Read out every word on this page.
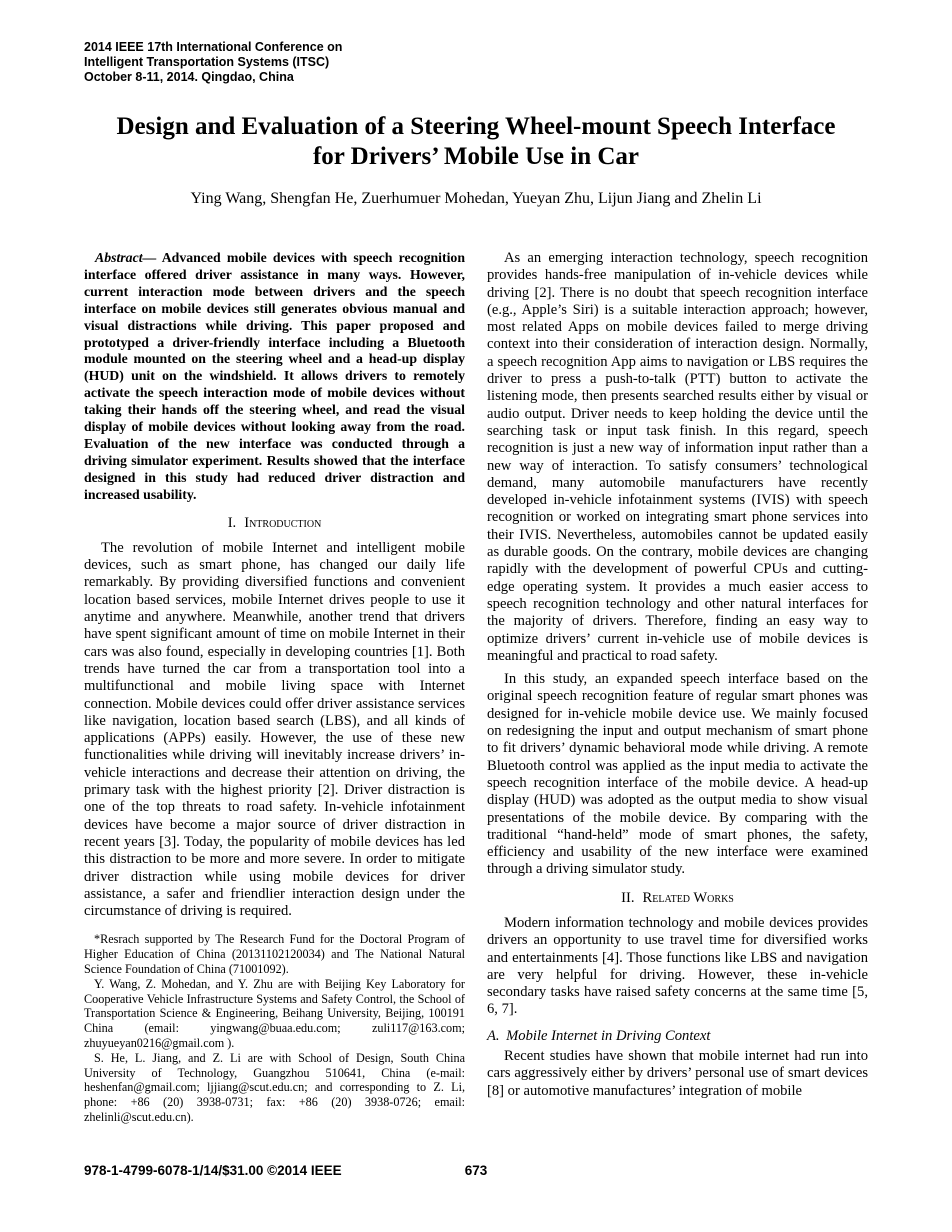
2014 IEEE 17th International Conference on
Intelligent Transportation Systems (ITSC)
October 8-11, 2014. Qingdao, China
Design and Evaluation of a Steering Wheel-mount Speech Interface
for Drivers’ Mobile Use in Car
Ying Wang, Shengfan He, Zuerhumuer Mohedan, Yueyan Zhu, Lijun Jiang and Zhelin Li

Abstract— Advanced mobile devices with speech recognition interface offered driver assistance in many ways. However, current interaction mode between drivers and the speech interface on mobile devices still generates obvious manual and visual distractions while driving. This paper proposed and prototyped a driver-friendly interface including a Bluetooth module mounted on the steering wheel and a head-up display (HUD) unit on the windshield. It allows drivers to remotely activate the speech interaction mode of mobile devices without taking their hands off the steering wheel, and read the visual display of mobile devices without looking away from the road. Evaluation of the new interface was conducted through a driving simulator experiment. Results showed that the interface designed in this study had reduced driver distraction and increased usability.

I. Introduction

The revolution of mobile Internet and intelligent mobile devices, such as smart phone, has changed our daily life remarkably. By providing diversified functions and convenient location based services, mobile Internet drives people to use it anytime and anywhere. Meanwhile, another trend that drivers have spent significant amount of time on mobile Internet in their cars was also found, especially in developing countries [1]. Both trends have turned the car from a transportation tool into a multifunctional and mobile living space with Internet connection. Mobile devices could offer driver assistance services like navigation, location based search (LBS), and all kinds of applications (APPs) easily. However, the use of these new functionalities while driving will inevitably increase drivers’ in-vehicle interactions and decrease their attention on driving, the primary task with the highest priority [2]. Driver distraction is one of the top threats to road safety. In-vehicle infotainment devices have become a major source of driver distraction in recent years [3]. Today, the popularity of mobile devices has led this distraction to be more and more severe. In order to mitigate driver distraction while using mobile devices for driver assistance, a safer and friendlier interaction design under the circumstance of driving is required.

*Resrach supported by The Research Fund for the Doctoral Program of Higher Education of China (20131102120034) and The National Natural Science Foundation of China (71001092).

Y. Wang, Z. Mohedan, and Y. Zhu are with Beijing Key Laboratory for Cooperative Vehicle Infrastructure Systems and Safety Control, the School of Transportation Science & Engineering, Beihang University, Beijing, 100191 China (email: yingwang@buaa.edu.com; zuli117@163.com; zhuyueyan0216@gmail.com ).

S. He, L. Jiang, and Z. Li are with School of Design, South China University of Technology, Guangzhou 510641, China (e-mail: heshenfan@gmail.com; ljjiang@scut.edu.cn; and corresponding to Z. Li, phone: +86 (20) 3938-0731; fax: +86 (20) 3938-0726; email: zhelinli@scut.edu.cn).

As an emerging interaction technology, speech recognition provides hands-free manipulation of in-vehicle devices while driving [2]. There is no doubt that speech recognition interface (e.g., Apple’s Siri) is a suitable interaction approach; however, most related Apps on mobile devices failed to merge driving context into their consideration of interaction design. Normally, a speech recognition App aims to navigation or LBS requires the driver to press a push-to-talk (PTT) button to activate the listening mode, then presents searched results either by visual or audio output. Driver needs to keep holding the device until the searching task or input task finish. In this regard, speech recognition is just a new way of information input rather than a new way of interaction. To satisfy consumers’ technological demand, many automobile manufacturers have recently developed in-vehicle infotainment systems (IVIS) with speech recognition or worked on integrating smart phone services into their IVIS. Nevertheless, automobiles cannot be updated easily as durable goods. On the contrary, mobile devices are changing rapidly with the development of powerful CPUs and cutting-edge operating system. It provides a much easier access to speech recognition technology and other natural interfaces for the majority of drivers. Therefore, finding an easy way to optimize drivers’ current in-vehicle use of mobile devices is meaningful and practical to road safety.

In this study, an expanded speech interface based on the original speech recognition feature of regular smart phones was designed for in-vehicle mobile device use. We mainly focused on redesigning the input and output mechanism of smart phone to fit drivers’ dynamic behavioral mode while driving. A remote Bluetooth control was applied as the input media to activate the speech recognition interface of the mobile device. A head-up display (HUD) was adopted as the output media to show visual presentations of the mobile device. By comparing with the traditional “hand-held” mode of smart phones, the safety, efficiency and usability of the new interface were examined through a driving simulator study.

II. Related Works

Modern information technology and mobile devices provides drivers an opportunity to use travel time for diversified works and entertainments [4]. Those functions like LBS and navigation are very helpful for driving. However, these in-vehicle secondary tasks have raised safety concerns at the same time [5, 6, 7].

A. Mobile Internet in Driving Context

Recent studies have shown that mobile internet had run into cars aggressively either by drivers’ personal use of smart devices [8] or automotive manufactures’ integration of mobile

978-1-4799-6078-1/14/$31.00 ©2014 IEEE	673
